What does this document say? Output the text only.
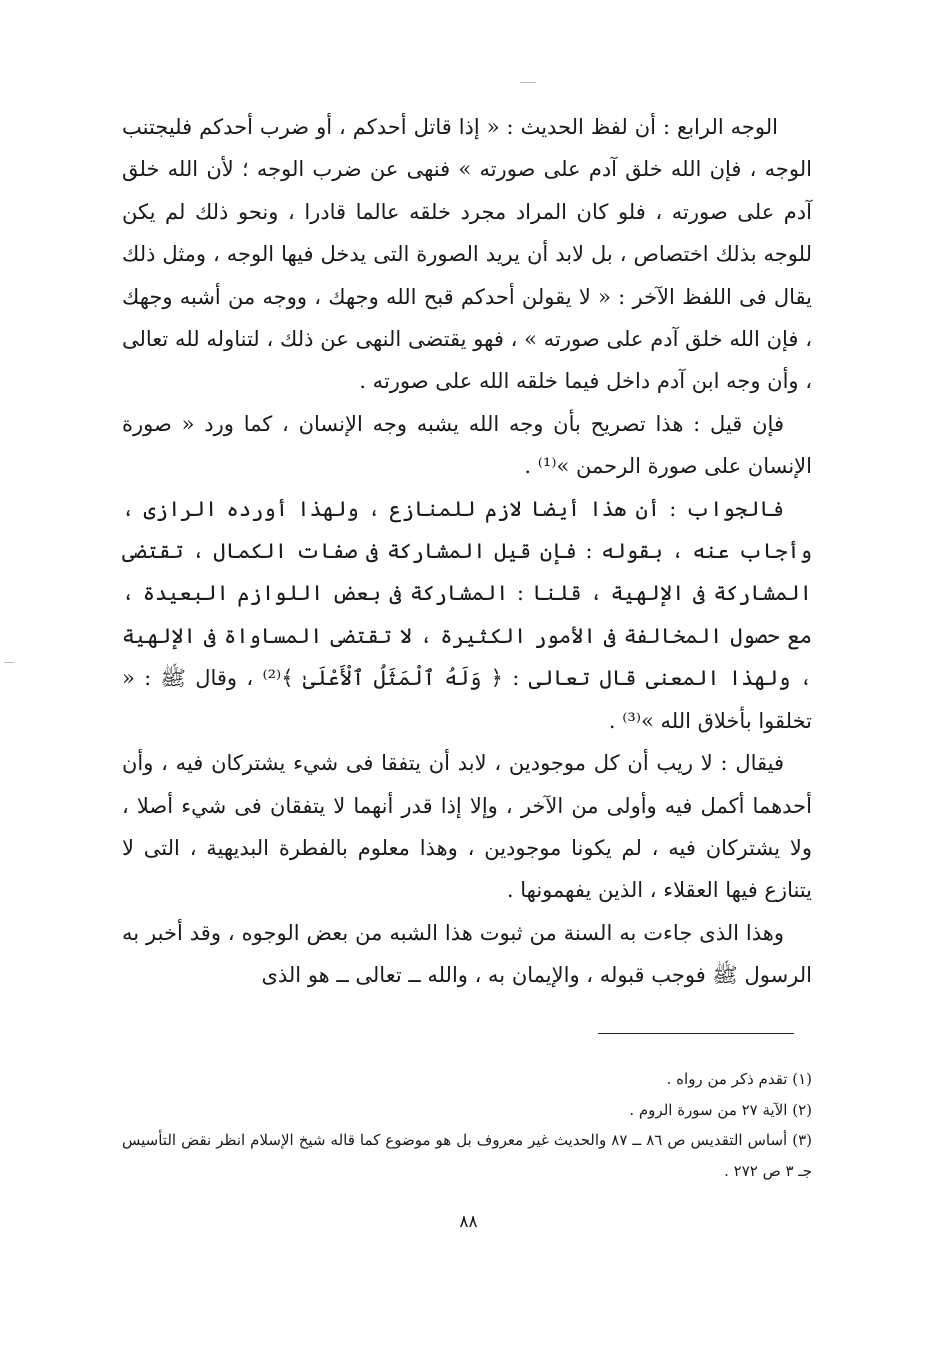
الوجه الرابع : أن لفظ الحديث : « إذا قاتل أحدكم ، أو ضرب أحدكم فليجتنب الوجه ، فإن الله خلق آدم على صورته » فنهى عن ضرب الوجه ؛ لأن الله خلق آدم على صورته ، فلو كان المراد مجرد خلقه عالما قادرا ، ونحو ذلك لم يكن للوجه بذلك اختصاص ، بل لابد أن يريد الصورة التى يدخل فيها الوجه ، ومثل ذلك يقال فى اللفظ الآخر : « لا يقولن أحدكم قبح الله وجهك ، ووجه من أشبه وجهك ، فإن الله خلق آدم على صورته » ، فهو يقتضى النهى عن ذلك ، لتناوله لله تعالى ، وأن وجه ابن آدم داخل فيما خلقه الله على صورته .

فإن قيل : هذا تصريح بأن وجه الله يشبه وجه الإنسان ، كما ورد « صورة الإنسان على صورة الرحمن »⁽¹⁾ .

فالجواب : أن هذا أيضا لازم للمنازع ، ولهذا أورده الرازى ، وأجاب عنه ، بقوله : فإن قيل المشاركة فى صفات الكمال ، تقتضى المشاركة فى الإلهية ، قلنا : المشاركة فى بعض اللوازم البعيدة ، مع حصول المخالفة فى الأمور الكثيرة ، لا تقتضى المساواة فى الإلهية ، ولهذا المعنى قال تعالى : ﴿ وَلَهُ ٱلْمَثَلُ ٱلْأَعْلَىٰ ﴾⁽²⁾ ، وقال ﷺ : « تخلقوا بأخلاق الله »⁽³⁾ .

فيقال : لا ريب أن كل موجودين ، لابد أن يتفقا فى شيء يشتركان فيه ، وأن أحدهما أكمل فيه وأولى من الآخر ، وإلا إذا قدر أنهما لا يتفقان فى شيء أصلا ، ولا يشتركان فيه ، لم يكونا موجودين ، وهذا معلوم بالفطرة البديهية ، التى لا يتنازع فيها العقلاء ، الذين يفهمونها .

وهذا الذى جاءت به السنة من ثبوت هذا الشبه من بعض الوجوه ، وقد أخبر به الرسول ﷺ فوجب قبوله ، والإيمان به ، والله ــ تعالى ــ هو الذى

(١) تقدم ذكر من رواه .

(٢) الآية ٢٧ من سورة الروم .

(٣) أساس التقديس ص ٨٦ ــ ٨٧ والحديث غير معروف بل هو موضوع كما قاله شيخ الإسلام انظر نقض التأسيس جـ ٣ ص ٢٧٢ .

٨٨
